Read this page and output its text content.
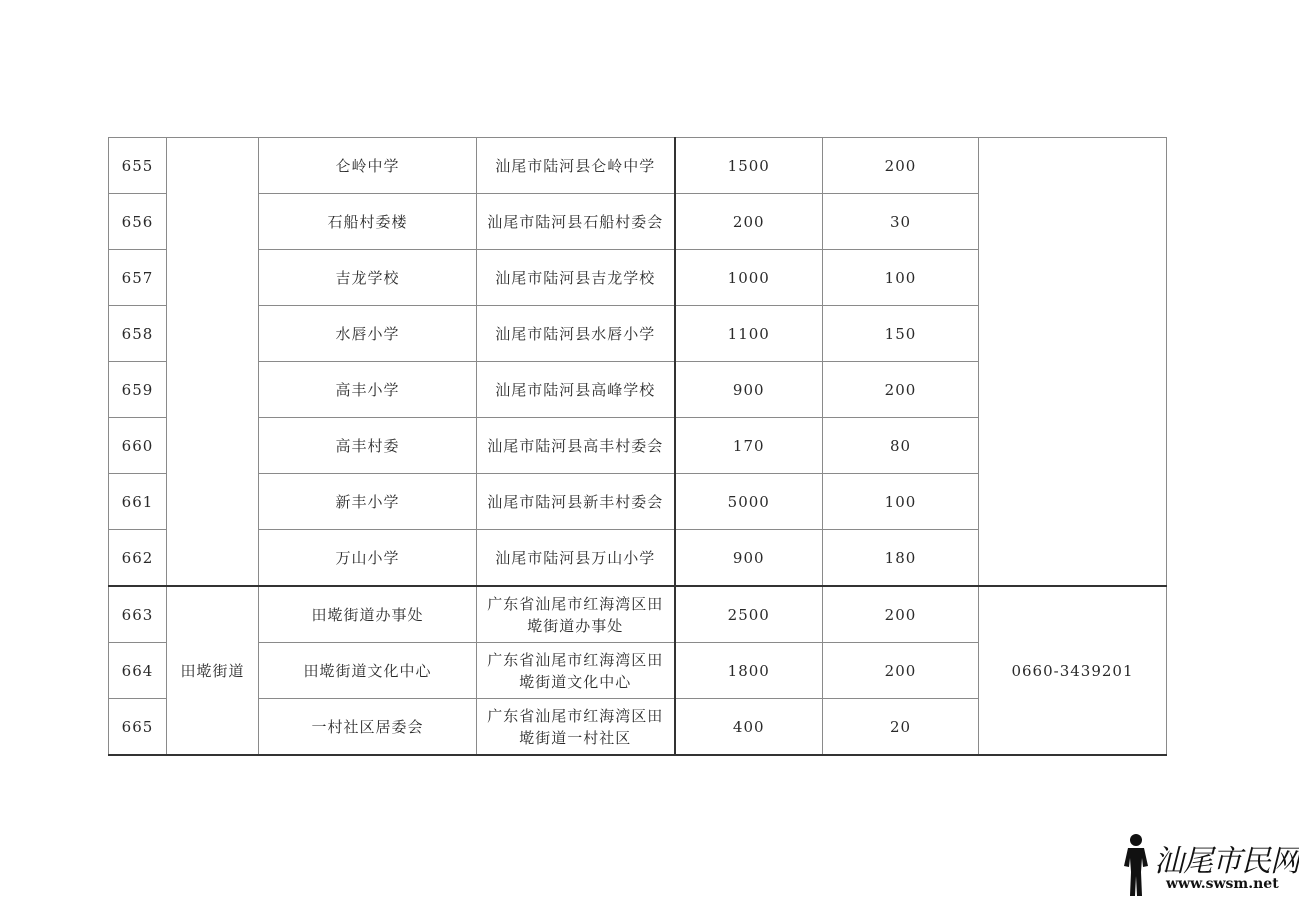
655		仑岭中学	汕尾市陆河县仑岭中学	1500	200	
656		石船村委楼	汕尾市陆河县石船村委会	200	30	
657		吉龙学校	汕尾市陆河县吉龙学校	1000	100	
658		水唇小学	汕尾市陆河县水唇小学	1100	150	
659		高丰小学	汕尾市陆河县高峰学校	900	200	
660		高丰村委	汕尾市陆河县高丰村委会	170	80	
661		新丰小学	汕尾市陆河县新丰村委会	5000	100	
662		万山小学	汕尾市陆河县万山小学	900	180	
663	田墘街道	田墘街道办事处	广东省汕尾市红海湾区田墘街道办事处	2500	200	0660-3439201
664		田墘街道文化中心	广东省汕尾市红海湾区田墘街道文化中心	1800	200	
665		一村社区居委会	广东省汕尾市红海湾区田墘街道一村社区	400	20	
汕尾市民网
www.swsm.net
